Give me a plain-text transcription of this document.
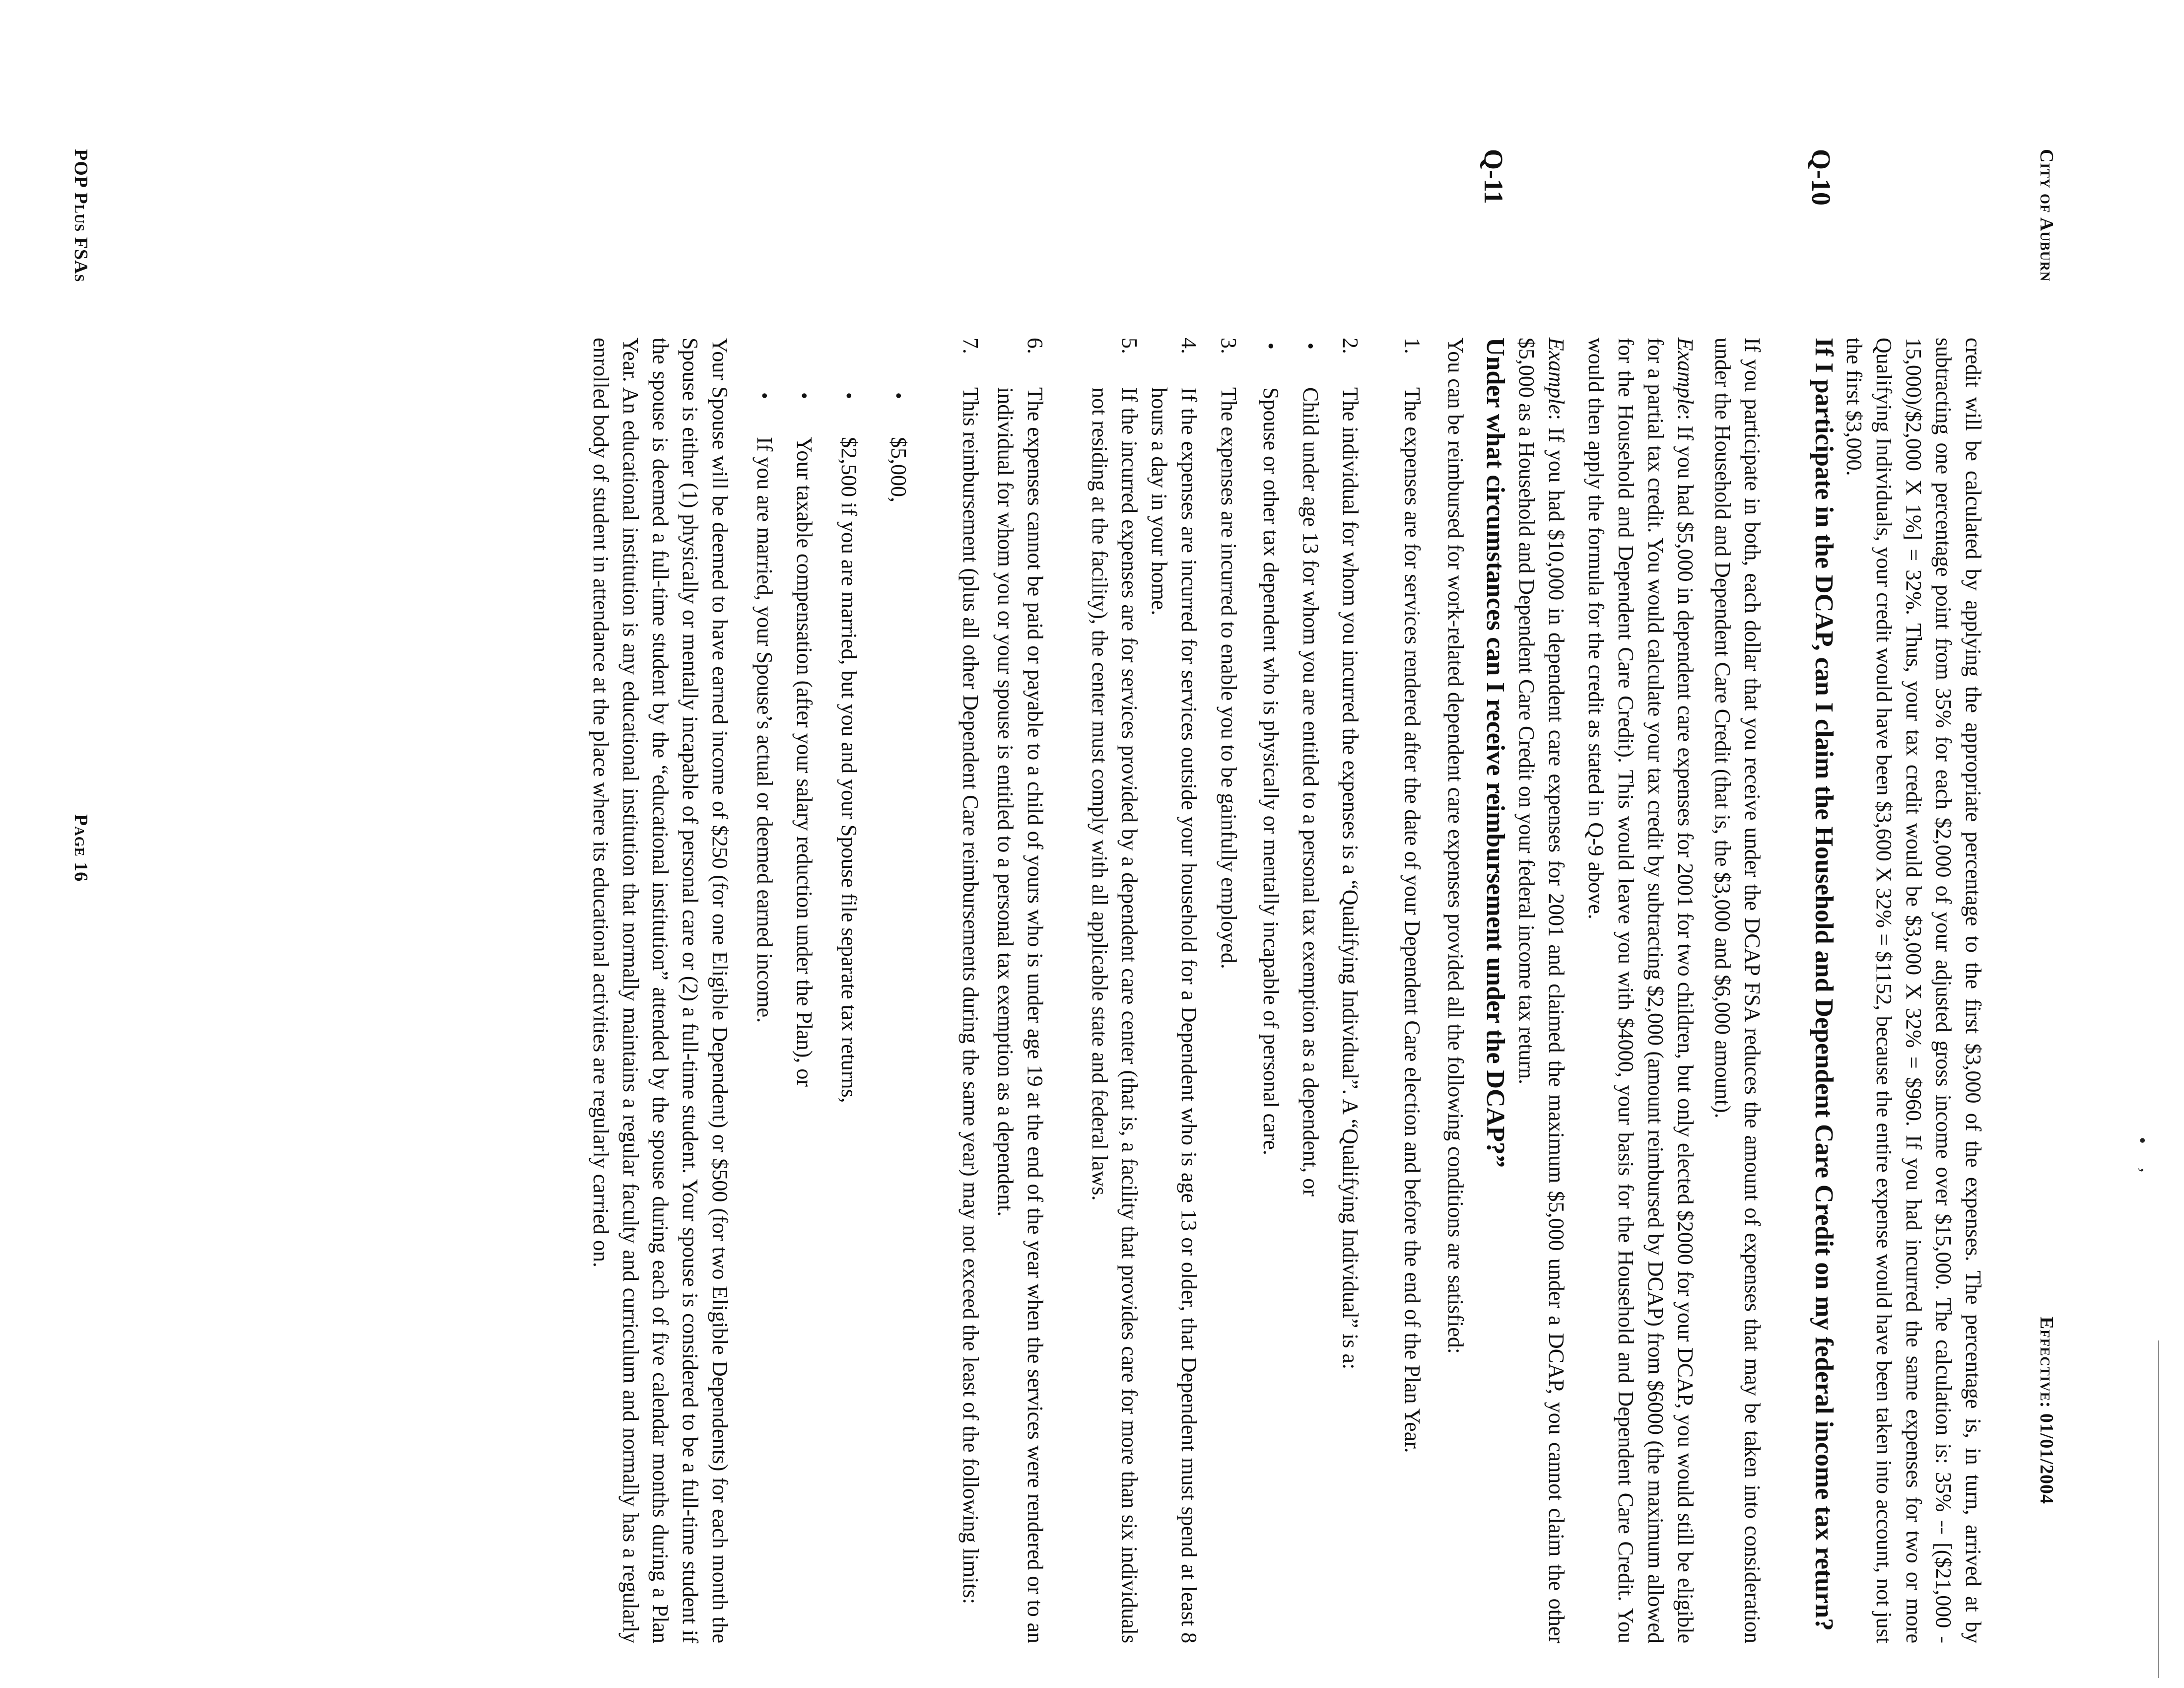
•
ʼ
City of Auburn
Effective: 01/01/2004
credit will be calculated by applying the appropriate percentage to the first $3,000 of the expenses. The percentage is, in turn, arrived at by subtracting one percentage point from 35% for each $2,000 of your adjusted gross income over $15,000. The calculation is: 35% -- [($21,000 - 15,000)/$2,000 X 1%] = 32%. Thus, your tax credit would be $3,000 X 32% = $960. If you had incurred the same expenses for two or more Qualifying Individuals, your credit would have been $3,600 X 32% = $1152, because the entire expense would have been taken into account, not just the first $3,000.
Q-10
If I participate in the DCAP, can I claim the Household and Dependent Care Credit on my federal income tax return?
If you participate in both, each dollar that you receive under the DCAP FSA reduces the amount of expenses that may be taken into consideration under the Household and Dependent Care Credit (that is, the $3,000 and $6,000 amount).
Example: If you had $5,000 in dependent care expenses for 2001 for two children, but only elected $2000 for your DCAP, you would still be eligible for a partial tax credit. You would calculate your tax credit by subtracting $2,000 (amount reimbursed by DCAP) from $6000 (the maximum allowed for the Household and Dependent Care Credit). This would leave you with $4000, your basis for the Household and Dependent Care Credit. You would then apply the formula for the credit as stated in Q-9 above.
Example: If you had $10,000 in dependent care expenses for 2001 and claimed the maximum $5,000 under a DCAP, you cannot claim the other $5,000 as a Household and Dependent Care Credit on your federal income tax return.
Q-11
Under what circumstances can I receive reimbursement under the DCAP?”
You can be reimbursed for work-related dependent care expenses provided all the following conditions are satisfied:
1.
The expenses are for services rendered after the date of your Dependent Care election and before the end of the Plan Year.
2.
The individual for whom you incurred the expenses is a “Qualifying Individual”. A “Qualifying Individual” is a:
•
Child under age 13 for whom you are entitled to a personal tax exemption as a dependent, or
•
Spouse or other tax dependent who is physically or mentally incapable of personal care.
3.
The expenses are incurred to enable you to be gainfully employed.
4.
If the expenses are incurred for services outside your household for a Dependent who is age 13 or older, that Dependent must spend at least 8 hours a day in your home.
5.
If the incurred expenses are for services provided by a dependent care center (that is, a facility that provides care for more than six individuals not residing at the facility), the center must comply with all applicable state and federal laws.
6.
The expenses cannot be paid or payable to a child of yours who is under age 19 at the end of the year when the services were rendered or to an individual for whom you or your spouse is entitled to a personal tax exemption as a dependent.
7.
This reimbursement (plus all other Dependent Care reimbursements during the same year) may not exceed the least of the following limits:
•
$5,000,
•
$2,500 if you are married, but you and your Spouse file separate tax returns,
•
Your taxable compensation (after your salary reduction under the Plan), or
•
If you are married, your Spouse’s actual or deemed earned income.
Your Spouse will be deemed to have earned income of $250 (for one Eligible Dependent) or $500 (for two Eligible Dependents) for each month the Spouse is either (1) physically or mentally incapable of personal care or (2) a full-time student. Your spouse is considered to be a full-time student if the spouse is deemed a full-time student by the “educational institution” attended by the spouse during each of five calendar months during a Plan Year. An educational institution is any educational institution that normally maintains a regular faculty and curriculum and normally has a regularly enrolled body of student in attendance at the place where its educational activities are regularly carried on.
POP Plus FSAs
Page 16
